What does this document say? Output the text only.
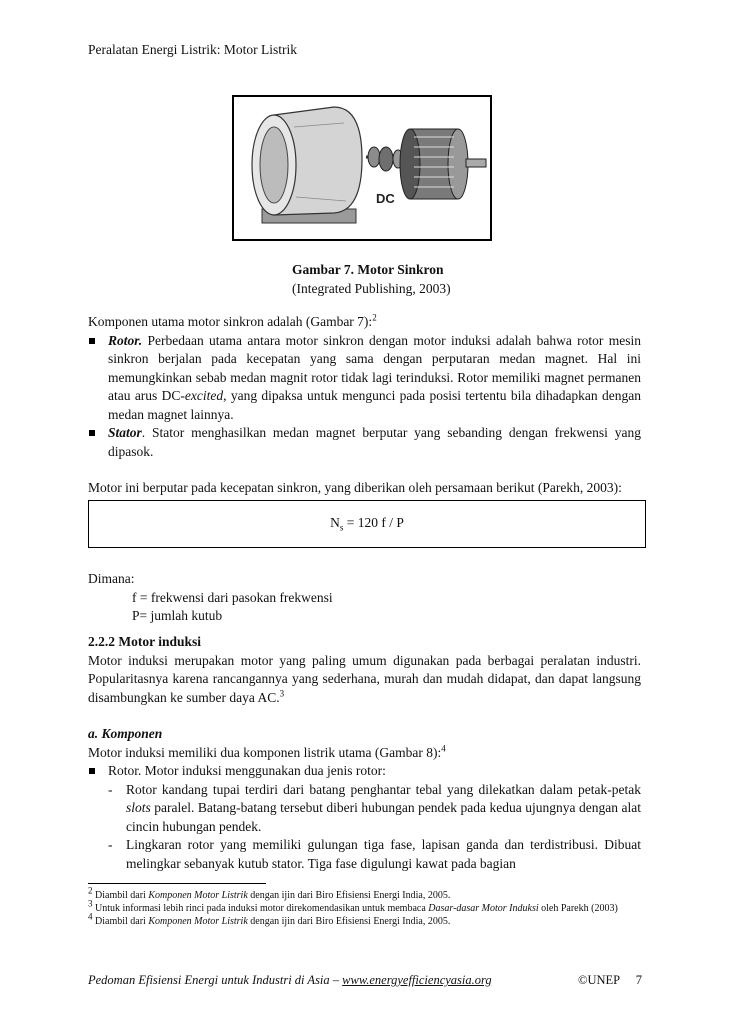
Peralatan Energi Listrik: Motor Listrik
DC
Gambar 7. Motor Sinkron
(Integrated Publishing, 2003)
Komponen utama motor sinkron adalah (Gambar 7):$^2$
Rotor. Perbedaan utama antara motor sinkron dengan motor induksi adalah bahwa rotor mesin sinkron berjalan pada kecepatan yang sama dengan perputaran medan magnet. Hal ini memungkinkan sebab medan magnit rotor tidak lagi terinduksi. Rotor memiliki magnet permanen atau arus DC-excited, yang dipaksa untuk mengunci pada posisi tertentu bila dihadapkan dengan medan magnet lainnya.
Stator. Stator menghasilkan medan magnet berputar yang sebanding dengan frekwensi yang dipasok.
Motor ini berputar pada kecepatan sinkron, yang diberikan oleh persamaan berikut (Parekh, 2003):
$N_s = 120$ f / P
Dimana:
f = frekwensi dari pasokan frekwensi
P= jumlah kutub
2.2.2 Motor induksi
Motor induksi merupakan motor yang paling umum digunakan pada berbagai peralatan industri. Popularitasnya karena rancangannya yang sederhana, murah dan mudah didapat, dan dapat langsung disambungkan ke sumber daya AC.$^3$
a. Komponen
Motor induksi memiliki dua komponen listrik utama (Gambar 8):$^4$
Rotor. Motor induksi menggunakan dua jenis rotor:
- Rotor kandang tupai terdiri dari batang penghantar tebal yang dilekatkan dalam petak-petak slots paralel. Batang-batang tersebut diberi hubungan pendek pada kedua ujungnya dengan alat cincin hubungan pendek.
- Lingkaran rotor yang memiliki gulungan tiga fase, lapisan ganda dan terdistribusi. Dibuat melingkar sebanyak kutub stator. Tiga fase digulungi kawat pada bagian
$^2$ Diambil dari Komponen Motor Listrik dengan ijin dari Biro Efisiensi Energi India, 2005.
$^3$ Untuk informasi lebih rinci pada induksi motor direkomendasikan untuk membaca Dasar-dasar Motor Induksi oleh Parekh (2003)
$^4$ Diambil dari Komponen Motor Listrik dengan ijin dari Biro Efisiensi Energi India, 2005.
Pedoman Efisiensi Energi untuk Industri di Asia – www.energyefficiencyasia.org	©UNEP 7
